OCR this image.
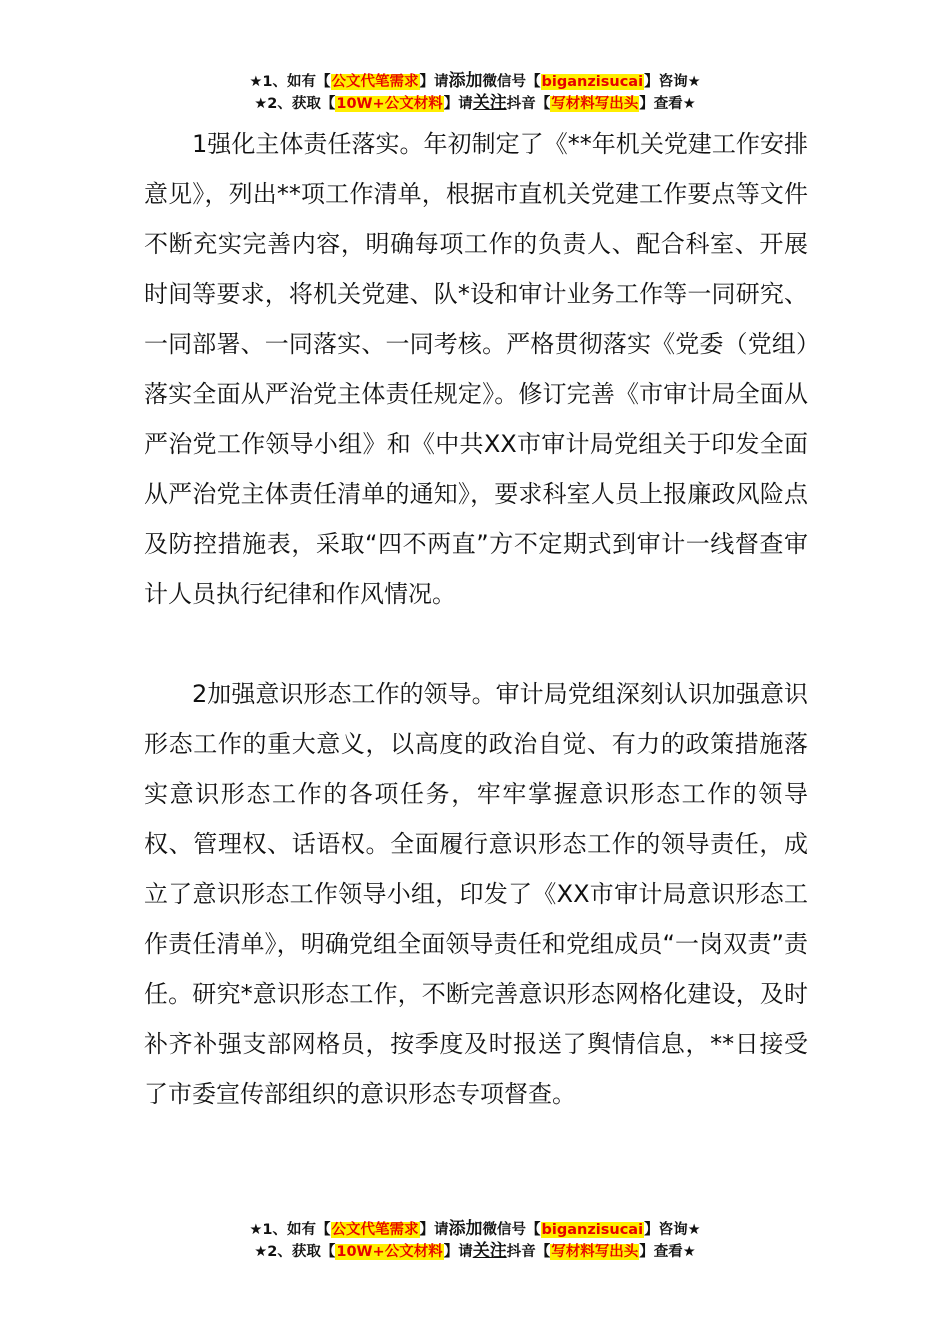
★1、如有【公文代笔需求】请添加微信号【biganzisucai】咨询★
★2、获取【10W+公文材料】请关注抖音【写材料写出头】查看★

1强化主体责任落实。年初制定了《**年机关党建工作安排意见》，列出**项工作清单，根据市直机关党建工作要点等文件不断充实完善内容，明确每项工作的负责人、配合科室、开展时间等要求，将机关党建、队*设和审计业务工作等一同研究、一同部署、一同落实、一同考核。严格贯彻落实《党委（党组）落实全面从严治党主体责任规定》。修订完善《市审计局全面从严治党工作领导小组》和《中共XX市审计局党组关于印发全面从严治党主体责任清单的通知》，要求科室人员上报廉政风险点及防控措施表，采取“四不两直”方不定期式到审计一线督查审计人员执行纪律和作风情况。

2加强意识形态工作的领导。审计局党组深刻认识加强意识形态工作的重大意义，以高度的政治自觉、有力的政策措施落实意识形态工作的各项任务，牢牢掌握意识形态工作的领导权、管理权、话语权。全面履行意识形态工作的领导责任，成立了意识形态工作领导小组，印发了《XX市审计局意识形态工作责任清单》，明确党组全面领导责任和党组成员“一岗双责”责任。研究*意识形态工作，不断完善意识形态网格化建设，及时补齐补强支部网格员，按季度及时报送了舆情信息，**日接受了市委宣传部组织的意识形态专项督查。

★1、如有【公文代笔需求】请添加微信号【biganzisucai】咨询★
★2、获取【10W+公文材料】请关注抖音【写材料写出头】查看★
